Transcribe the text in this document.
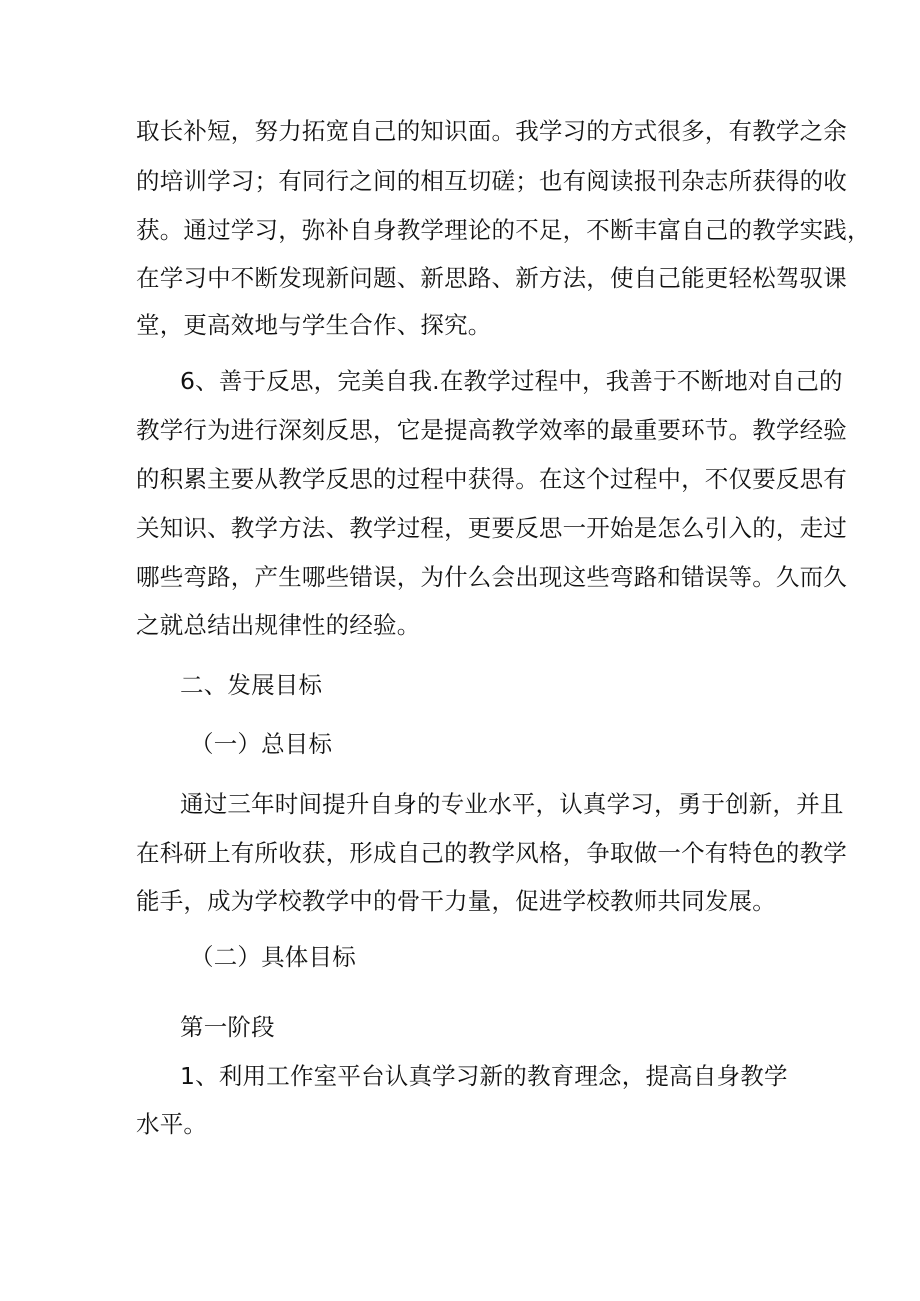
取长补短，努力拓宽自己的知识面。我学习的方式很多，有教学之余
的培训学习；有同行之间的相互切磋；也有阅读报刊杂志所获得的收
获。通过学习，弥补自身教学理论的不足，不断丰富自己的教学实践，
在学习中不断发现新问题、新思路、新方法，使自己能更轻松驾驭课
堂，更高效地与学生合作、探究。
6、善于反思，完美自我.在教学过程中，我善于不断地对自己的
教学行为进行深刻反思，它是提高教学效率的最重要环节。教学经验
的积累主要从教学反思的过程中获得。在这个过程中，不仅要反思有
关知识、教学方法、教学过程，更要反思一开始是怎么引入的，走过
哪些弯路，产生哪些错误，为什么会出现这些弯路和错误等。久而久
之就总结出规律性的经验。
二、发展目标
（一）总目标
通过三年时间提升自身的专业水平，认真学习，勇于创新，并且
在科研上有所收获，形成自己的教学风格，争取做一个有特色的教学
能手，成为学校教学中的骨干力量，促进学校教师共同发展。
（二）具体目标
第一阶段
1、利用工作室平台认真学习新的教育理念，提高自身教学
水平。
